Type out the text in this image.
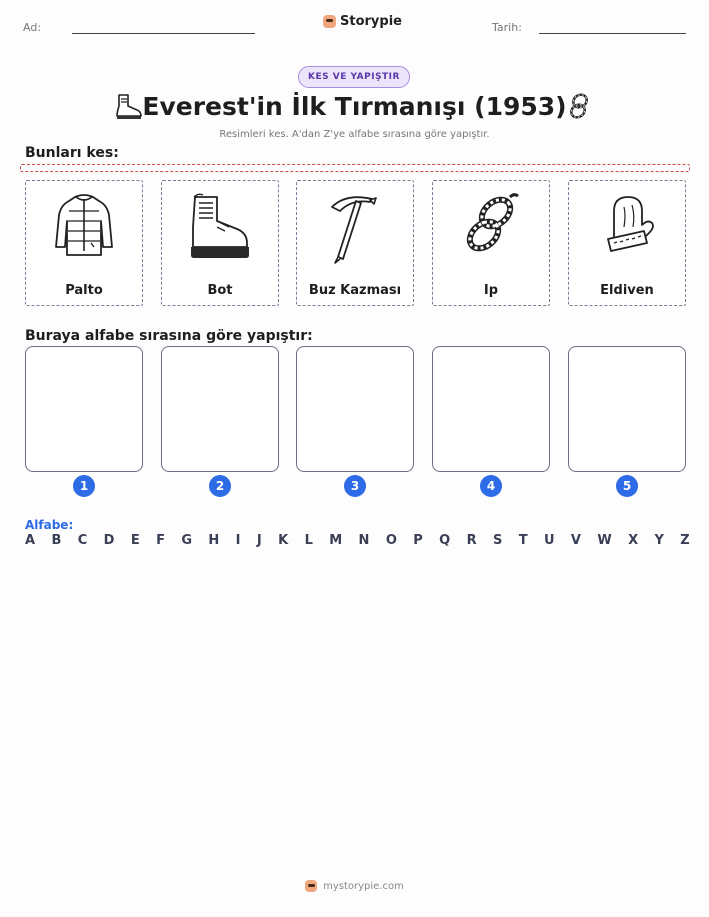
Ad:	Storypie	Tarih:
KES VE YAPIŞTIR
Everest'in İlk Tırmanışı (1953)
Resimleri kes. A'dan Z'ye alfabe sırasına göre yapıştır.
Bunları kes:
Palto	Bot	Buz Kazması	Ip	Eldiven
Buraya alfabe sırasına göre yapıştır:
1	2	3	4	5
Alfabe:
A B C D E F G H I J K L M N O P Q R S T U V W X Y Z
mystorypie.com
